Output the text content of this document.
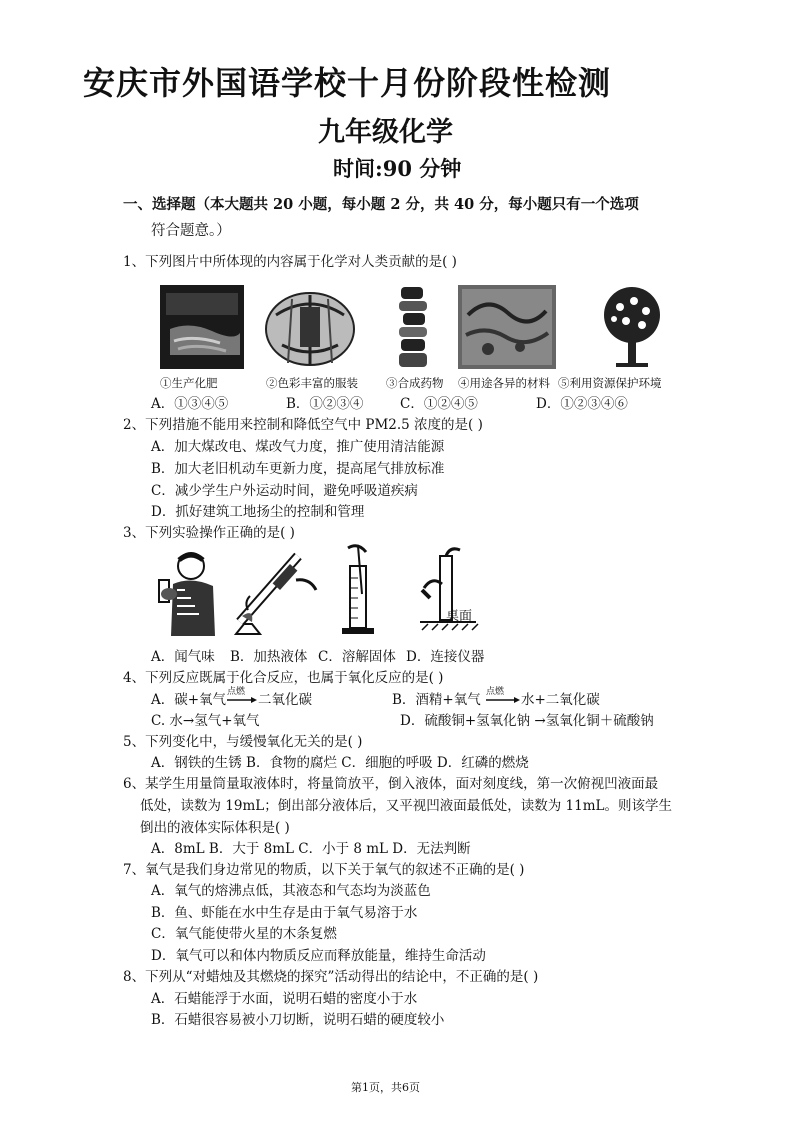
安庆市外国语学校十月份阶段性检测
九年级化学
时间:90 分钟
一、选择题（本大题共 20 小题，每小题 2 分，共 40 分，每小题只有一个选项
符合题意。）
1、下列图片中所体现的内容属于化学对人类贡献的是( )
①生产化肥	②色彩丰富的服装 ③合成药物 ④用途各异的材料 ⑤利用资源保护环境
A．①③④⑤	B．①②③④	C．①②④⑤	D．①②③④⑥
2、下列措施不能用来控制和降低空气中 PM2.5 浓度的是( )
A．加大煤改电、煤改气力度，推广使用清洁能源
B．加大老旧机动车更新力度，提高尾气排放标准
C．减少学生户外运动时间，避免呼吸道疾病
D．抓好建筑工地扬尘的控制和管理
3、下列实验操作正确的是( )
桌面
A．闻气味 B．加热液体 C．溶解固体 D．连接仪器
4、下列反应既属于化合反应，也属于氧化反应的是( )
A．碳+氧气 点燃 二氧化碳	B．酒精+氧气 点燃 水+二氧化碳
C. 水→氢气+氧气	D．硫酸铜+氢氧化钠 →氢氧化铜＋硫酸钠
5、下列变化中，与缓慢氧化无关的是( )
A．钢铁的生锈 B．食物的腐烂 C．细胞的呼吸 D．红磷的燃烧
6、某学生用量筒量取液体时，将量筒放平，倒入液体，面对刻度线，第一次俯视凹液面最
低处，读数为 19mL；倒出部分液体后，又平视凹液面最低处，读数为 11mL。则该学生
倒出的液体实际体积是( )
A．8mL B．大于 8mL C．小于 8 mL D．无法判断
7、氧气是我们身边常见的物质，以下关于氧气的叙述不正确的是( )
A．氧气的熔沸点低，其液态和气态均为淡蓝色
B．鱼、虾能在水中生存是由于氧气易溶于水
C．氧气能使带火星的木条复燃
D．氧气可以和体内物质反应而释放能量，维持生命活动
8、下列从“对蜡烛及其燃烧的探究”活动得出的结论中，不正确的是( )
A．石蜡能浮于水面，说明石蜡的密度小于水
B．石蜡很容易被小刀切断，说明石蜡的硬度较小
第1页，共6页
